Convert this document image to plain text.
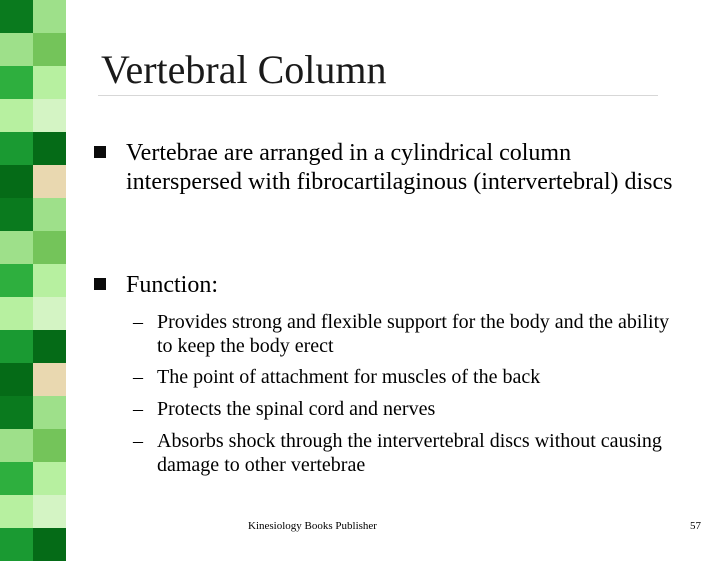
Vertebral Column
Vertebrae are arranged in a cylindrical column interspersed with fibrocartilaginous (intervertebral) discs
Function:
– Provides strong and flexible support for the body and the ability to keep the body erect
– The point of attachment for muscles of the back
– Protects the spinal cord and nerves
– Absorbs shock through the intervertebral discs without causing damage to other vertebrae
Kinesiology Books Publisher	57
